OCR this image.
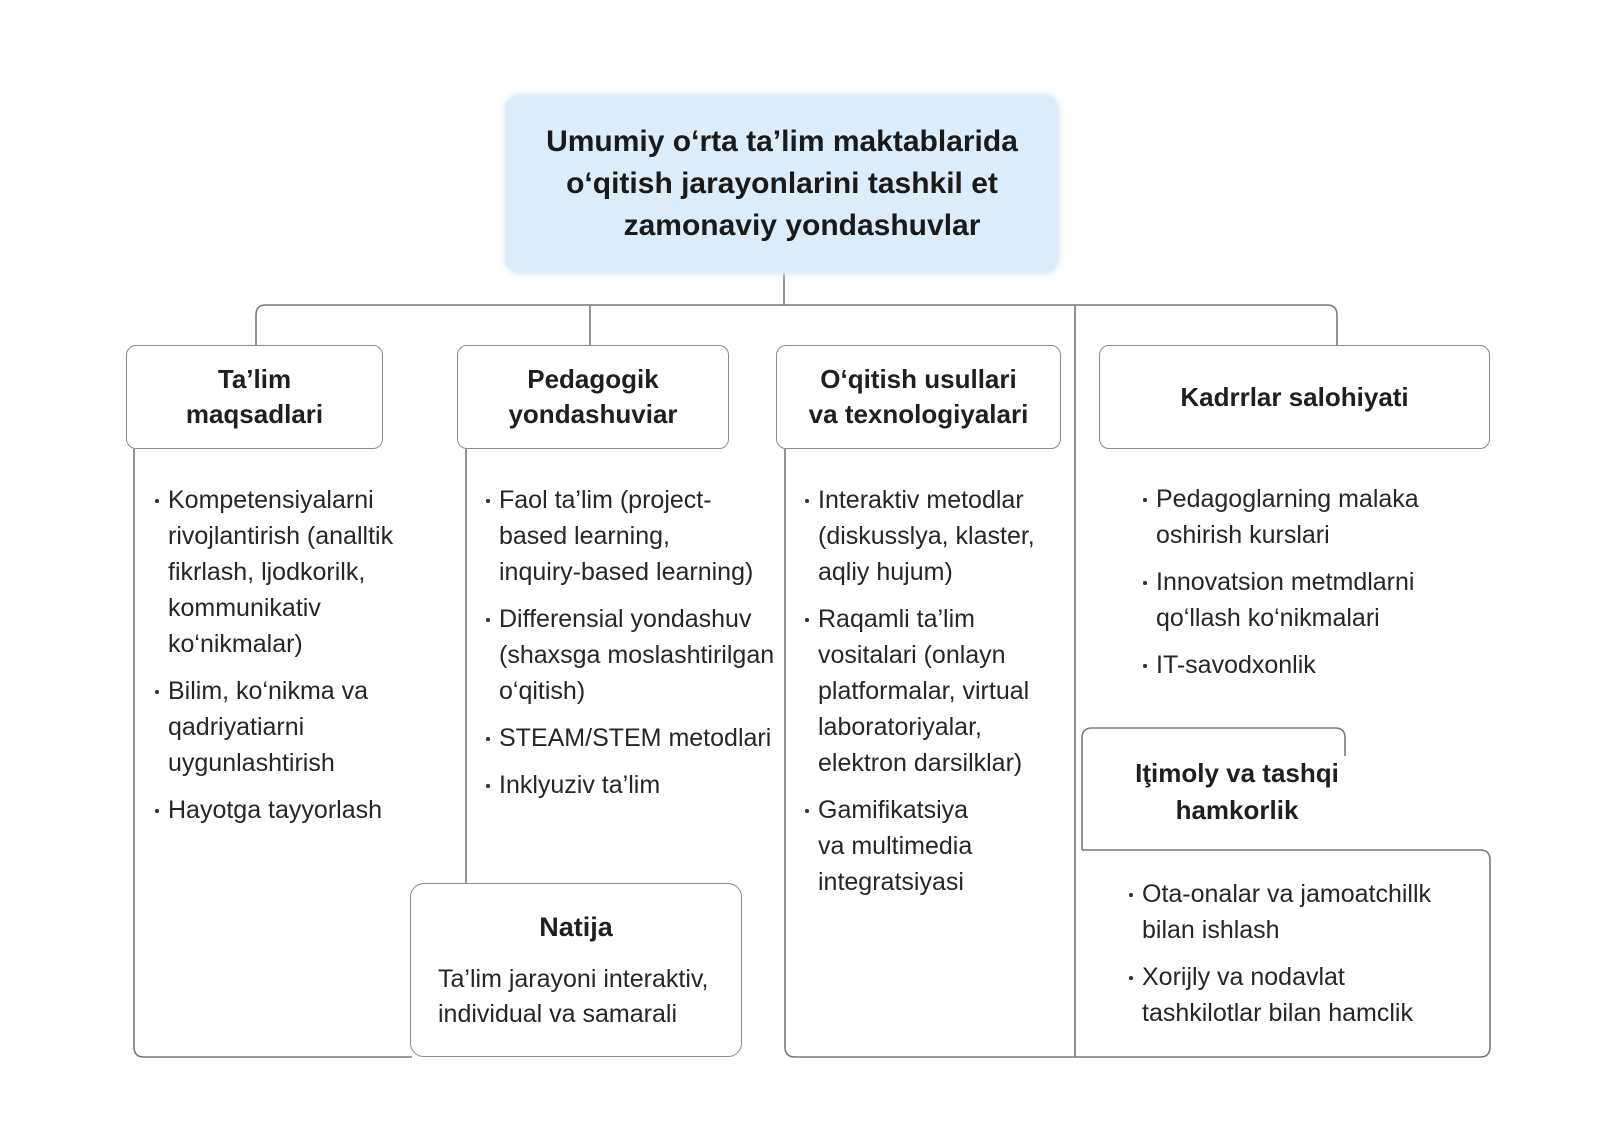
Umumiy o‘rta ta’lim maktablarida
o‘qitish jarayonlarini tashkil et
zamonaviy yondashuvlar
Ta’lim
maqsadlari
Pedagogik
yondashuviar
O‘qitish usullari
va texnologiyalari
Kadrrlar salohiyati
Kompetensiyalarni
rivojlantirish (analltik
fikrlash, ljodkorilk,
kommunikativ
ko‘nikmalar)
Bilim, ko‘nikma va
qadriyatiarni
uygunlashtirish
Hayotga tayyorlash
Faol ta’lim (project-
based learning,
inquiry-based learning)
Differensial yondashuv
(shaxsga moslashtirilgan
o‘qitish)
STEAM/STEM metodlari
Inklyuziv ta’lim
Interaktiv metodlar
(diskusslya, klaster,
aqliy hujum)
Raqamli ta’lim
vositalari (onlayn
platformalar, virtual
laboratoriyalar,
elektron darsilklar)
Gamifikatsiya
va multimedia
integratsiyasi
Pedagoglarning malaka
oshirish kurslari
Innovatsion metmdlarni
qo‘llash ko‘nikmalari
IT-savodxonlik
Iţimoly va tashqi
hamkorlik
Ota-onalar va jamoatchillk
bilan ishlash
Xorijly va nodavlat
tashkilotlar bilan hamclik
Natija
Ta’lim jarayoni interaktiv,
individual va samarali
